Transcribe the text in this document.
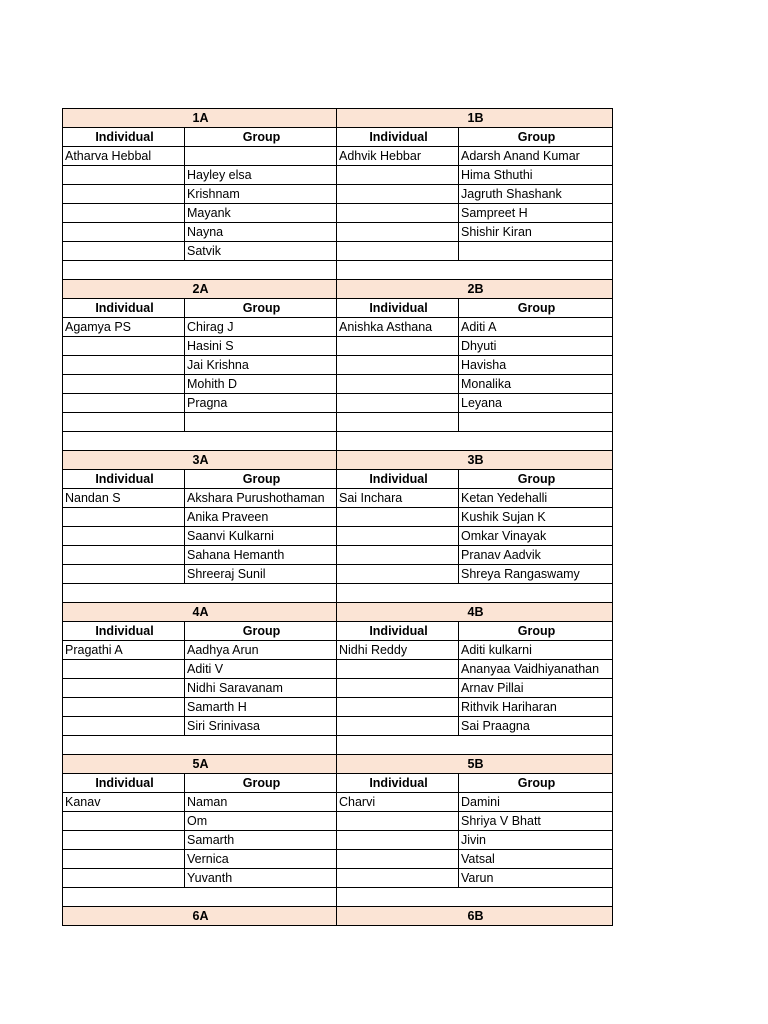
1A		1B	
Individual	Group	Individual	Group
Atharva Hebbal		Adhvik Hebbar	Adarsh Anand Kumar
	Hayley elsa		Hima Sthuthi
	Krishnam		Jagruth Shashank
	Mayank		Sampreet H
	Nayna		Shishir Kiran
	Satvik		

2A		2B	
Individual	Group	Individual	Group
Agamya PS	Chirag J	Anishka Asthana	Aditi A
	Hasini S		Dhyuti
	Jai Krishna		Havisha
	Mohith D		Monalika
	Pragna		Leyana

3A		3B	
Individual	Group	Individual	Group
Nandan S	Akshara Purushothaman	Sai Inchara	Ketan Yedehalli
	Anika Praveen		Kushik Sujan K
	Saanvi Kulkarni		Omkar Vinayak
	Sahana Hemanth		Pranav Aadvik
	Shreeraj Sunil		Shreya Rangaswamy

4A		4B	
Individual	Group	Individual	Group
Pragathi A	Aadhya Arun	Nidhi Reddy	Aditi kulkarni
	Aditi V		Ananyaa Vaidhiyanathan
	Nidhi Saravanam		Arnav Pillai
	Samarth H		Rithvik Hariharan
	Siri Srinivasa		Sai Praagna

5A		5B	
Individual	Group	Individual	Group
Kanav	Naman	Charvi	Damini
	Om		Shriya V Bhatt
	Samarth		Jivin
	Vernica		Vatsal
	Yuvanth		Varun

6A		6B	
